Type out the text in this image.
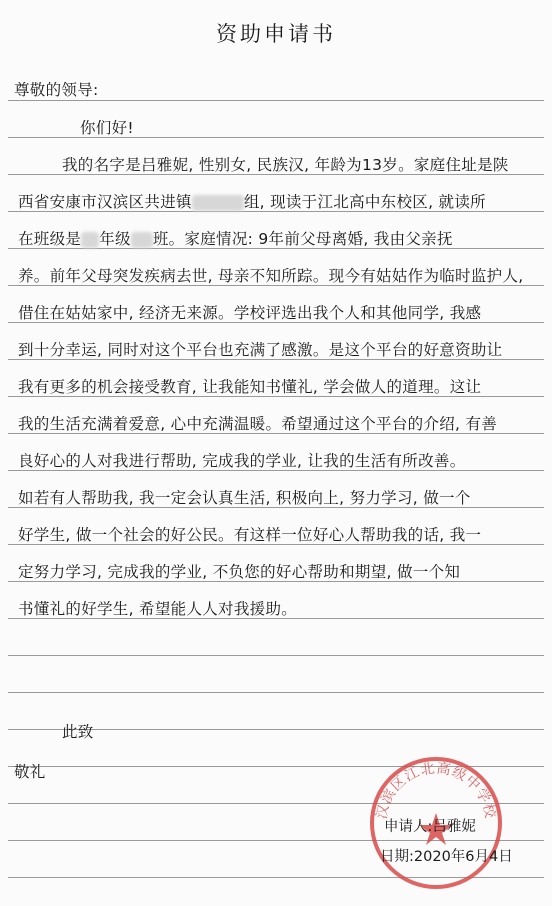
资助申请书
尊敬的领导:
你们好!
我的名字是吕雅妮, 性别女, 民族汉, 年龄为13岁。家庭住址是陕
西省安康市汉滨区共进镇	组, 现读于江北高中东校区, 就读所
在班级是 年级 班。家庭情况: 9年前父母离婚, 我由父亲抚
养。前年父母突发疾病去世, 母亲不知所踪。现今有姑姑作为临时监护人,
借住在姑姑家中, 经济无来源。学校评选出我个人和其他同学, 我感
到十分幸运, 同时对这个平台也充满了感激。是这个平台的好意资助让
我有更多的机会接受教育, 让我能知书懂礼, 学会做人的道理。这让
我的生活充满着爱意, 心中充满温暖。希望通过这个平台的介绍, 有善
良好心的人对我进行帮助, 完成我的学业, 让我的生活有所改善。
如若有人帮助我, 我一定会认真生活, 积极向上, 努力学习, 做一个
好学生, 做一个社会的好公民。有这样一位好心人帮助我的话, 我一
定努力学习, 完成我的学业, 不负您的好心帮助和期望, 做一个知
书懂礼的好学生, 希望能人人对我援助。
此致
敬礼
汉滨区江北高级中学校
申请人:吕雅妮
日期:2020年6月4日
